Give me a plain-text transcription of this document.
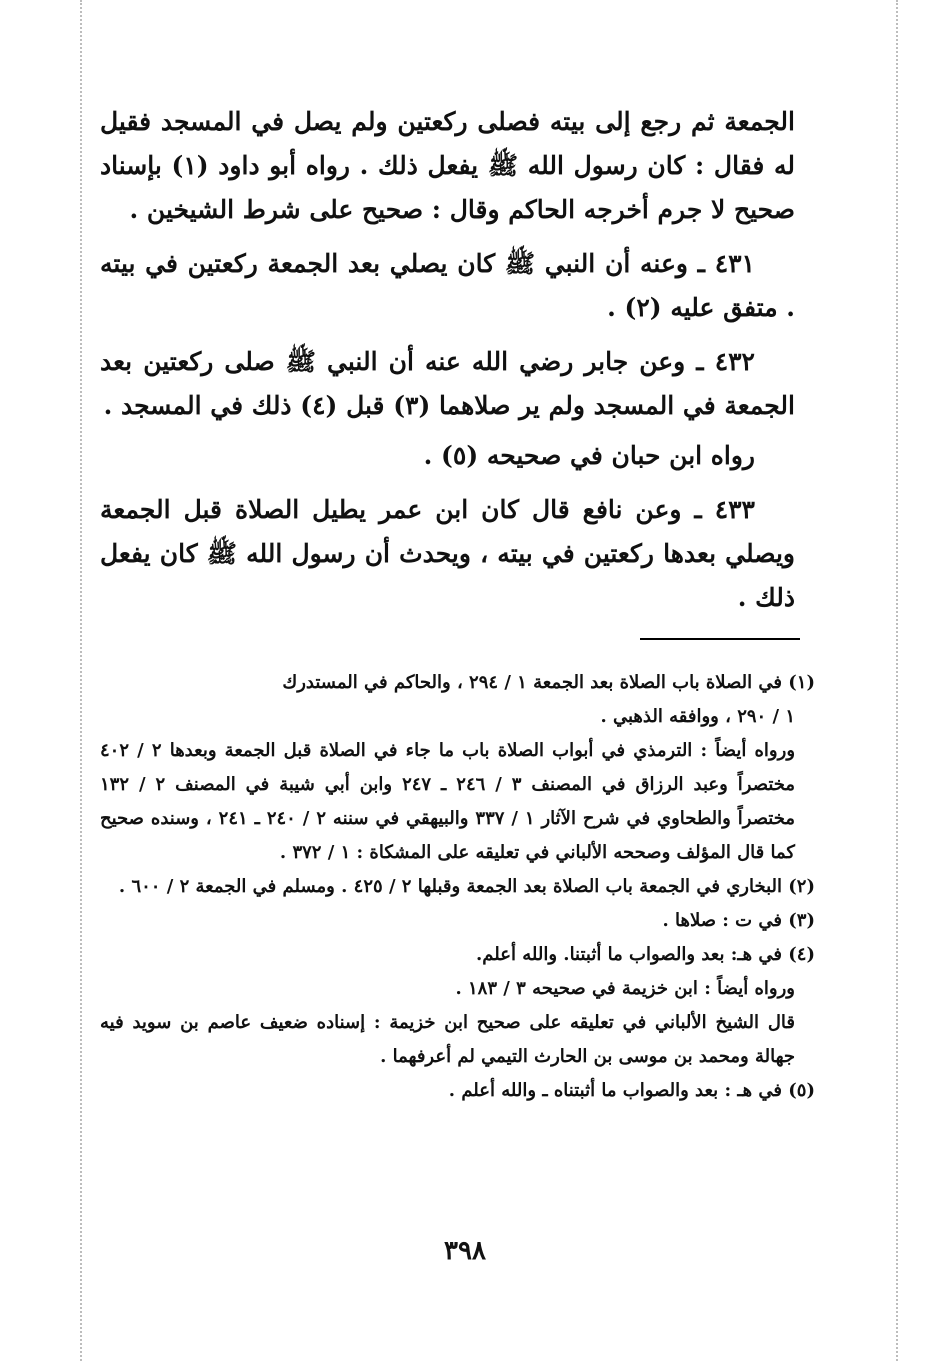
الجمعة ثم رجع إلى بيته فصلى ركعتين ولم يصل في المسجد فقيل له فقال : كان رسول الله ﷺ يفعل ذلك . رواه أبو داود (١) بإسناد صحيح لا جرم أخرجه الحاكم وقال : صحيح على شرط الشيخين .

٤٣١ ـ وعنه أن النبي ﷺ كان يصلي بعد الجمعة ركعتين في بيته . متفق عليه (٢) .

٤٣٢ ـ وعن جابر رضي الله عنه أن النبي ﷺ صلى ركعتين بعد الجمعة في المسجد ولم ير صلاهما (٣) قبل (٤) ذلك في المسجد .

رواه ابن حبان في صحيحه (٥) .

٤٣٣ ـ وعن نافع قال كان ابن عمر يطيل الصلاة قبل الجمعة ويصلي بعدها ركعتين في بيته ، ويحدث أن رسول الله ﷺ كان يفعل ذلك .

(١) في الصلاة باب الصلاة بعد الجمعة ١ / ٢٩٤ ، والحاكم في المستدرك

١ / ٢٩٠ ، ووافقه الذهبي .

ورواه أيضاً : الترمذي في أبواب الصلاة باب ما جاء في الصلاة قبل الجمعة وبعدها ٢ / ٤٠٢ مختصراً وعبد الرزاق في المصنف ٣ / ٢٤٦ ـ ٢٤٧ وابن أبي شيبة في المصنف ٢ / ١٣٢ مختصراً والطحاوي في شرح الآثار ١ / ٣٣٧ والبيهقي في سننه ٢ / ٢٤٠ ـ ٢٤١ ، وسنده صحيح كما قال المؤلف وصححه الألباني في تعليقه على المشكاة : ١ / ٣٧٢ .

(٢) البخاري في الجمعة باب الصلاة بعد الجمعة وقبلها ٢ / ٤٢٥ . ومسلم في الجمعة ٢ / ٦٠٠ .

(٣) في ت : صلاها .

(٤) في هـ: بعد والصواب ما أثبتنا. والله أعلم.

ورواه أيضاً : ابن خزيمة في صحيحه ٣ / ١٨٣ .

قال الشيخ الألباني في تعليقه على صحيح ابن خزيمة : إسناده ضعيف عاصم بن سويد فيه جهالة ومحمد بن موسى بن الحارث التيمي لم أعرفهما .

(٥) في هـ : بعد والصواب ما أثبتناه ـ والله أعلم .

٣٩٨
